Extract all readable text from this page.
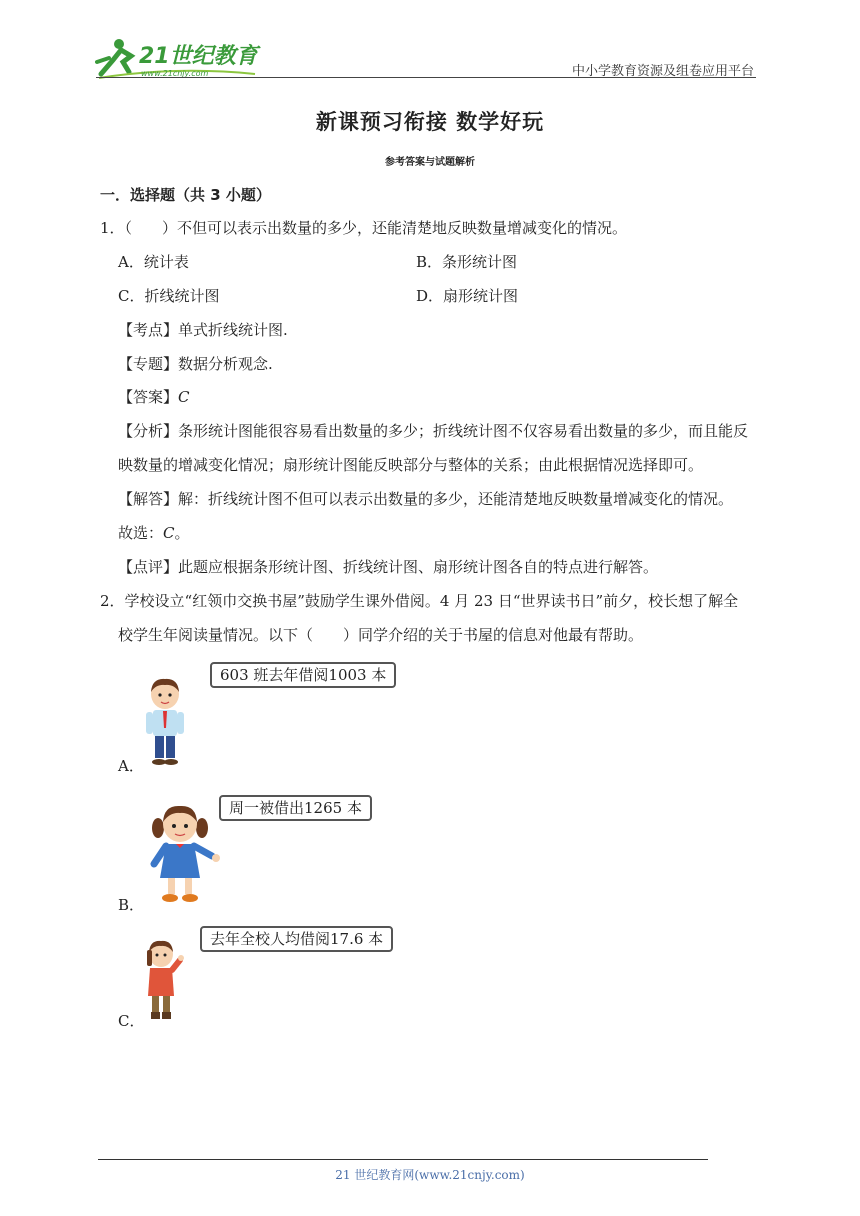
21世纪教育
www.21cnjy.com	中小学教育资源及组卷应用平台
新课预习衔接 数学好玩
参考答案与试题解析
一．选择题（共 3 小题）
1．（　　）不但可以表示出数量的多少，还能清楚地反映数量增减变化的情况。
A．统计表	B．条形统计图
C．折线统计图	D．扇形统计图
【考点】单式折线统计图.
【专题】数据分析观念.
【答案】C
【分析】条形统计图能很容易看出数量的多少；折线统计图不仅容易看出数量的多少，而且能反
映数量的增减变化情况；扇形统计图能反映部分与整体的关系；由此根据情况选择即可。
【解答】解：折线统计图不但可以表示出数量的多少，还能清楚地反映数量增减变化的情况。
故选：C。
【点评】此题应根据条形统计图、折线统计图、扇形统计图各自的特点进行解答。
2．学校设立“红领巾交换书屋”鼓励学生课外借阅。4 月 23 日“世界读书日”前夕，校长想了解全
校学生年阅读量情况。以下（　　）同学介绍的关于书屋的信息对他最有帮助。
603 班去年借阅1003 本
A．
周一被借出1265 本
B．
去年全校人均借阅17.6 本
C．
21 世纪教育网(www.21cnjy.com)
